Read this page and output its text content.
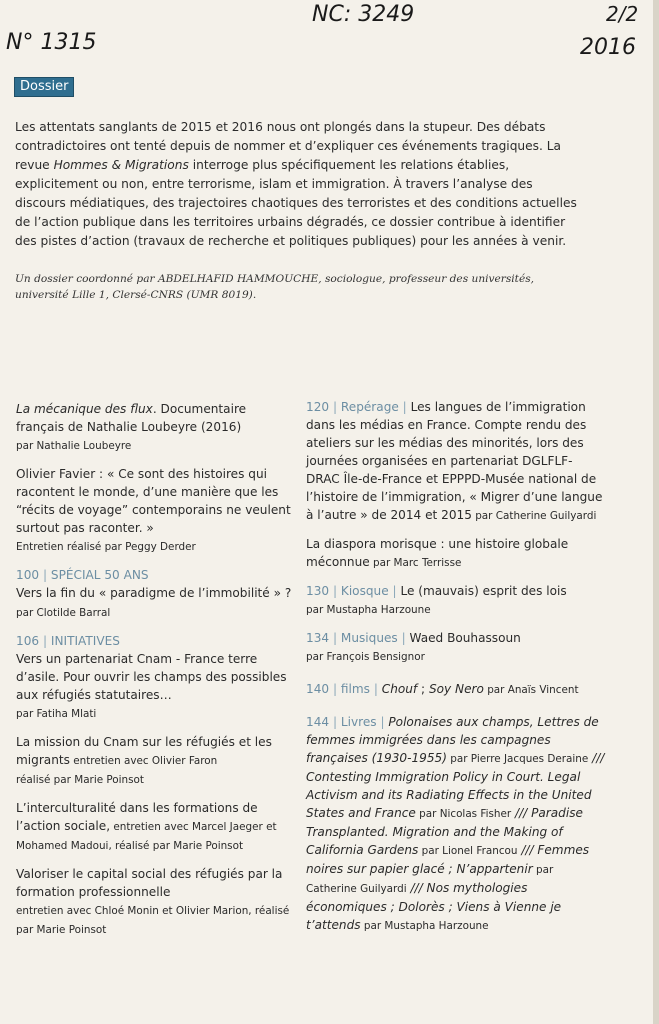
N° 1315
NC: 3249	2/2
2016
Dossier
Les attentats sanglants de 2015 et 2016 nous ont plongés dans la stupeur. Des débats contradictoires ont tenté depuis de nommer et d’expliquer ces événements tragiques. La revue Hommes & Migrations interroge plus spécifiquement les relations établies, explicitement ou non, entre terrorisme, islam et immigration. À travers l’analyse des discours médiatiques, des trajectoires chaotiques des terroristes et des conditions actuelles de l’action publique dans les territoires urbains dégradés, ce dossier contribue à identifier des pistes d’action (travaux de recherche et politiques publiques) pour les années à venir.
Un dossier coordonné par ABDELHAFID HAMMOUCHE, sociologue, professeur des universités, université Lille 1, Clersé-CNRS (UMR 8019).
La mécanique des flux. Documentaire français de Nathalie Loubeyre (2016)
par Nathalie Loubeyre
Olivier Favier : « Ce sont des histoires qui racontent le monde, d’une manière que les “récits de voyage” contemporains ne veulent surtout pas raconter. »
Entretien réalisé par Peggy Derder
100 | SPÉCIAL 50 ANS
Vers la fin du « paradigme de l’immobilité » ? par Clotilde Barral
106 | INITIATIVES
Vers un partenariat Cnam - France terre d’asile. Pour ouvrir les champs des possibles aux réfugiés statutaires…
par Fatiha Mlati
La mission du Cnam sur les réfugiés et les migrants entretien avec Olivier Faron
réalisé par Marie Poinsot
L’interculturalité dans les formations de l’action sociale, entretien avec Marcel Jaeger et Mohamed Madoui, réalisé par Marie Poinsot
Valoriser le capital social des réfugiés par la formation professionnelle
entretien avec Chloé Monin et Olivier Marion, réalisé par Marie Poinsot
120 | Repérage | Les langues de l’immigration dans les médias en France. Compte rendu des ateliers sur les médias des minorités, lors des journées organisées en partenariat DGLFLF-DRAC Île-de-France et EPPPD-Musée national de l’histoire de l’immigration, « Migrer d’une langue à l’autre » de 2014 et 2015 par Catherine Guilyardi
La diaspora morisque : une histoire globale méconnue par Marc Terrisse
130 | Kiosque | Le (mauvais) esprit des lois
par Mustapha Harzoune
134 | Musiques | Waed Bouhassoun
par François Bensignor
140 | films | Chouf ; Soy Nero par Anaïs Vincent
144 | Livres | Polonaises aux champs, Lettres de femmes immigrées dans les campagnes françaises (1930-1955) par Pierre Jacques Deraine /// Contesting Immigration Policy in Court. Legal Activism and its Radiating Effects in the United States and France par Nicolas Fisher /// Paradise Transplanted. Migration and the Making of California Gardens par Lionel Francou /// Femmes noires sur papier glacé ; N’appartenir par Catherine Guilyardi /// Nos mythologies économiques ; Dolorès ; Viens à Vienne je t’attends par Mustapha Harzoune
